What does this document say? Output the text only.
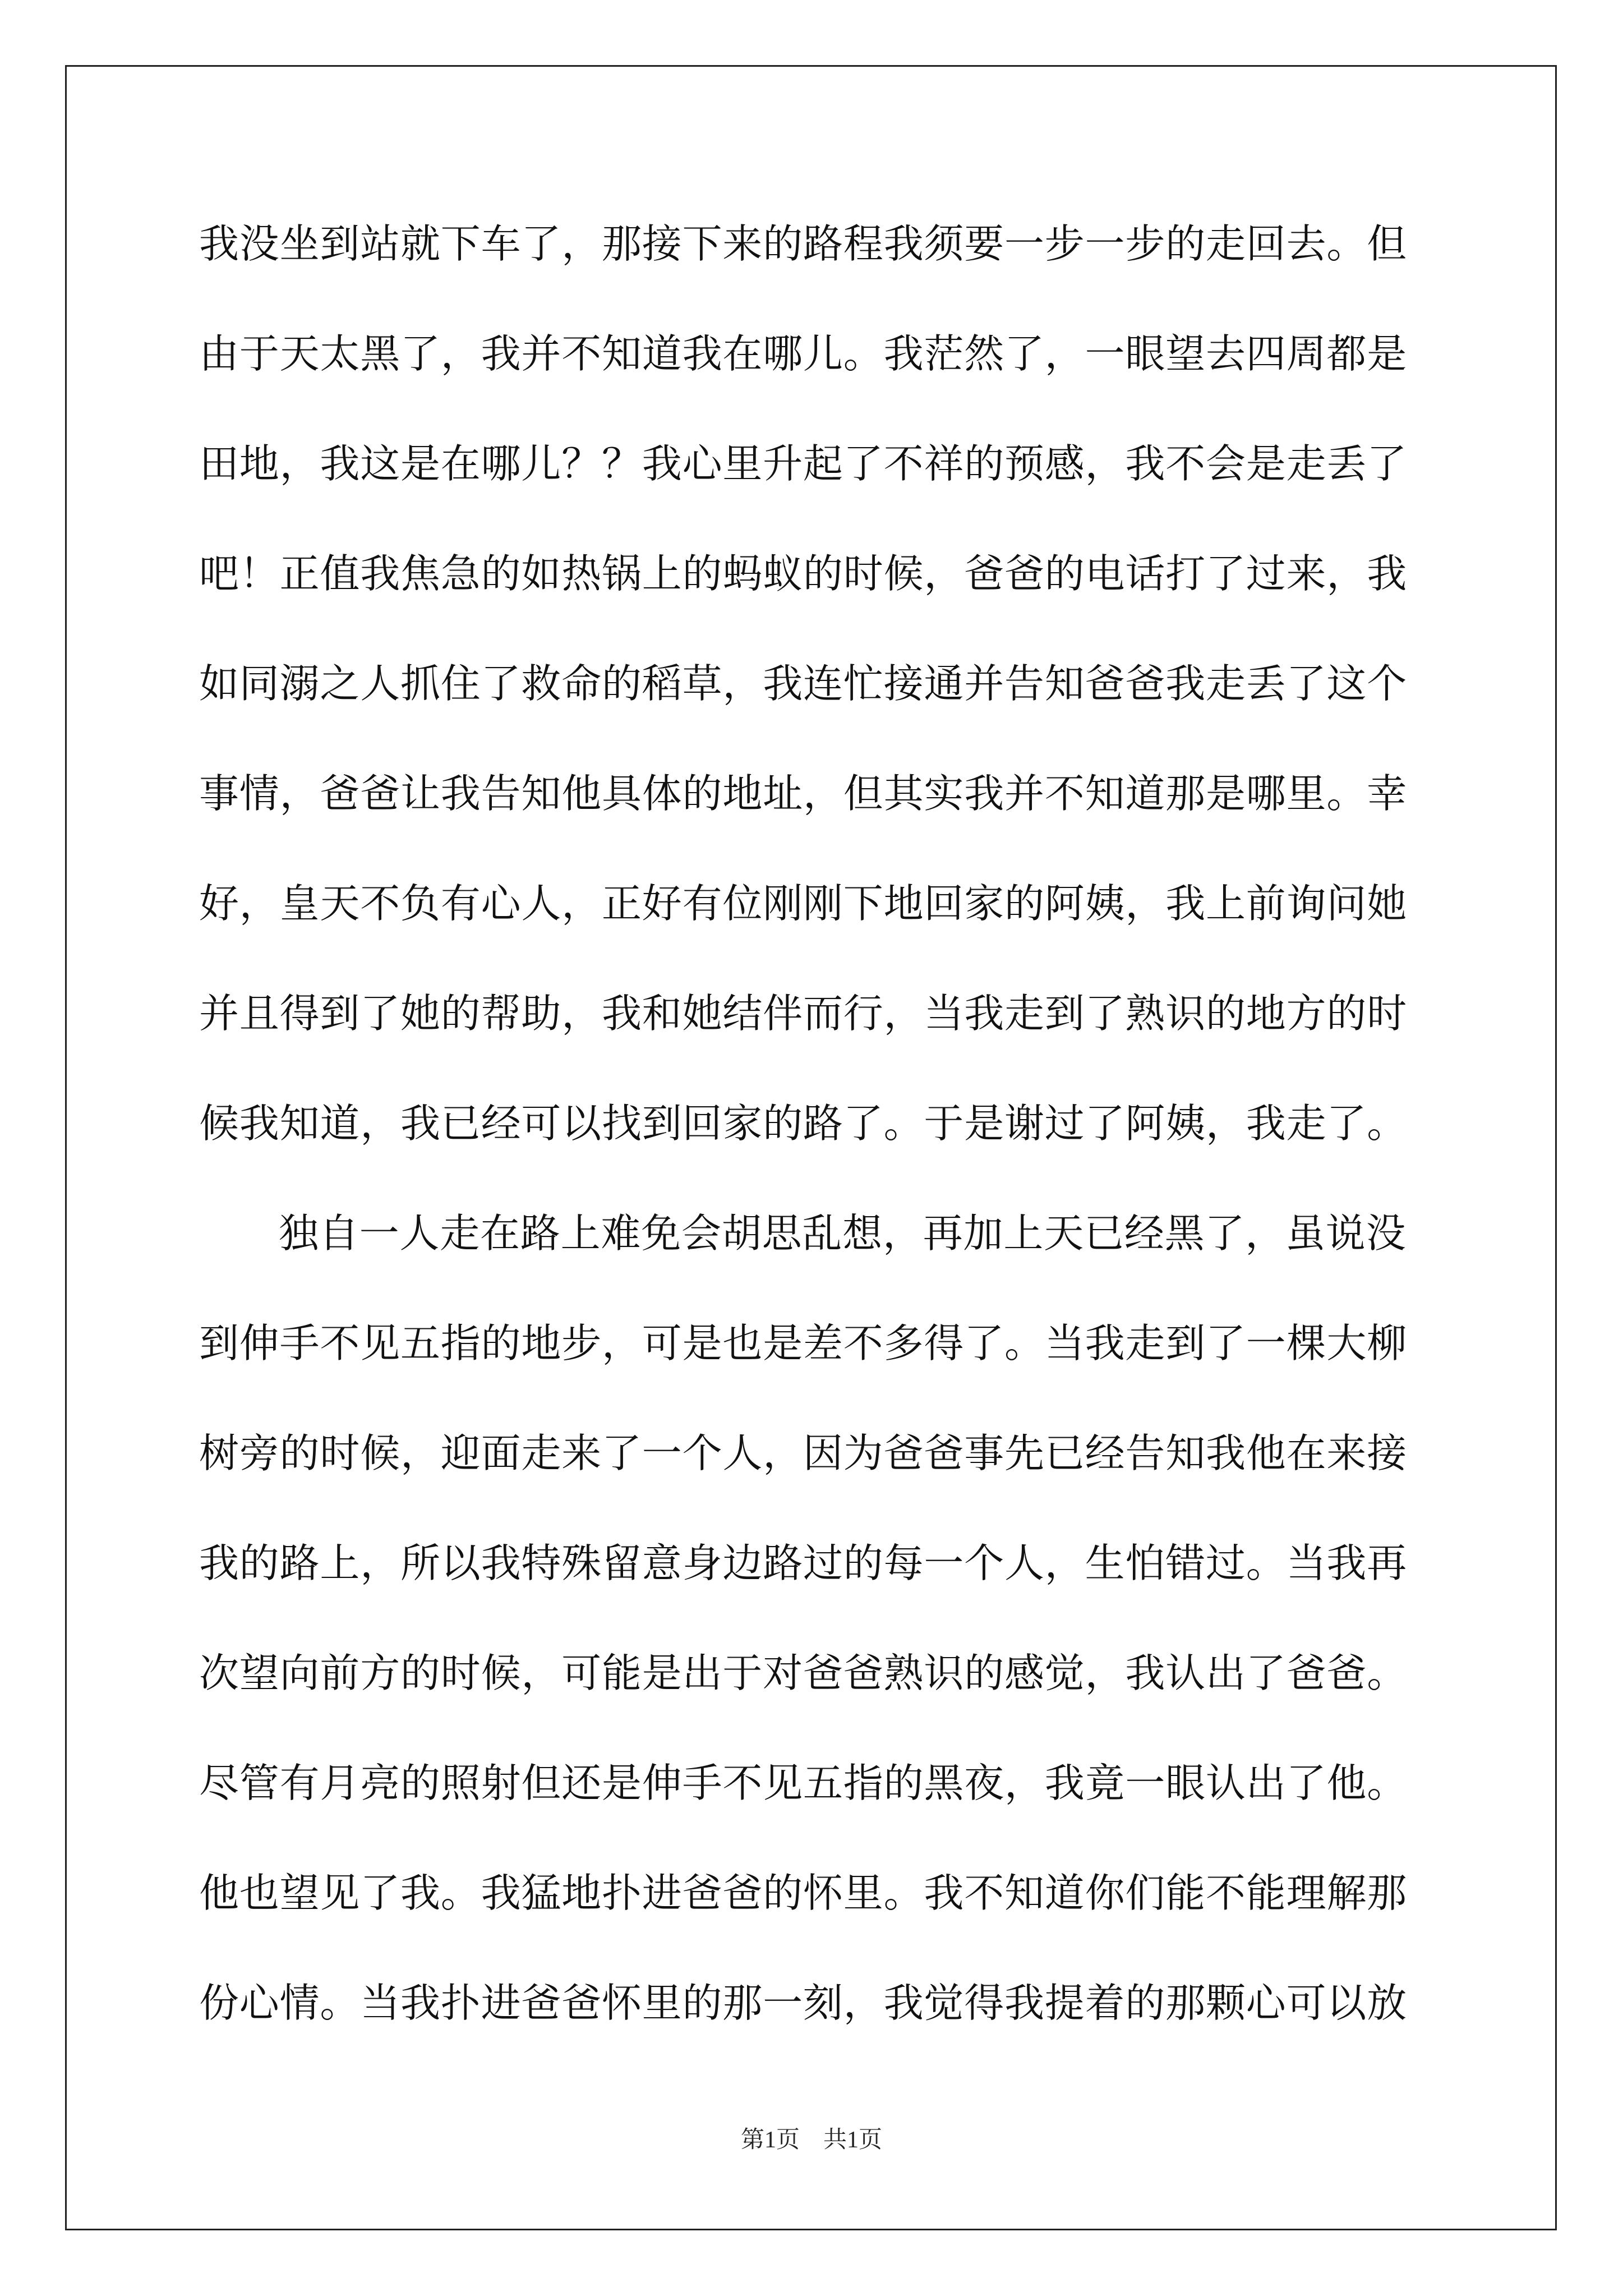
我没坐到站就下车了，那接下来的路程我须要一步一步的走回去。但
由于天太黑了，我并不知道我在哪儿。我茫然了，一眼望去四周都是
田地，我这是在哪儿？？我心里升起了不祥的预感，我不会是走丢了
吧！正值我焦急的如热锅上的蚂蚁的时候，爸爸的电话打了过来，我
如同溺之人抓住了救命的稻草，我连忙接通并告知爸爸我走丢了这个
事情，爸爸让我告知他具体的地址，但其实我并不知道那是哪里。幸
好，皇天不负有心人，正好有位刚刚下地回家的阿姨，我上前询问她
并且得到了她的帮助，我和她结伴而行，当我走到了熟识的地方的时
候我知道，我已经可以找到回家的路了。于是谢过了阿姨，我走了。
独自一人走在路上难免会胡思乱想，再加上天已经黑了，虽说没
到伸手不见五指的地步，可是也是差不多得了。当我走到了一棵大柳
树旁的时候，迎面走来了一个人，因为爸爸事先已经告知我他在来接
我的路上，所以我特殊留意身边路过的每一个人，生怕错过。当我再
次望向前方的时候，可能是出于对爸爸熟识的感觉，我认出了爸爸。
尽管有月亮的照射但还是伸手不见五指的黑夜，我竟一眼认出了他。
他也望见了我。我猛地扑进爸爸的怀里。我不知道你们能不能理解那
份心情。当我扑进爸爸怀里的那一刻，我觉得我提着的那颗心可以放
第1页　共1页
